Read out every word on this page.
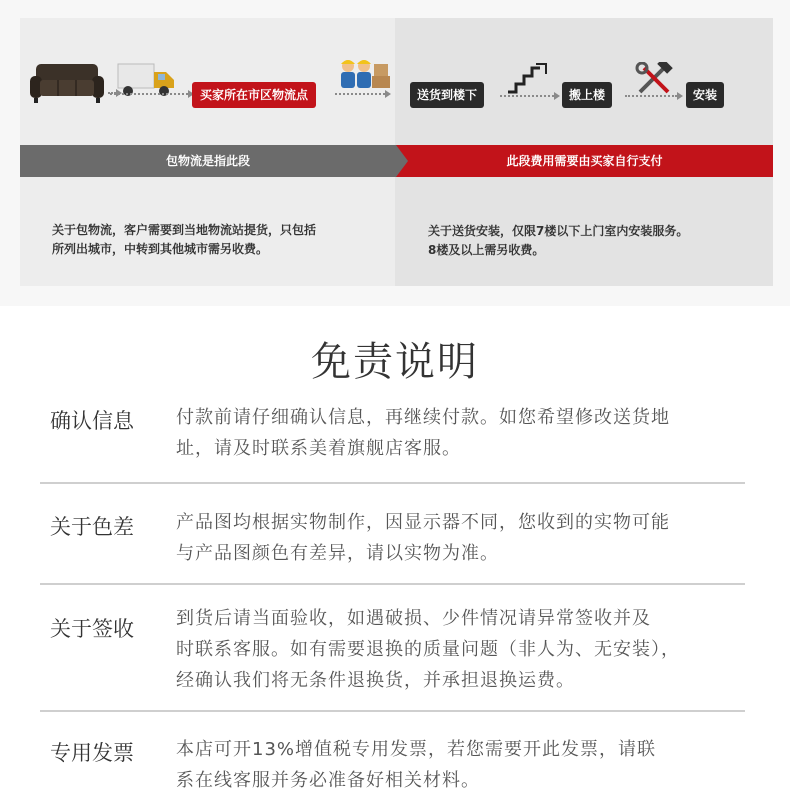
买家所在市区物流点	送货到楼下	搬上楼	安装
包物流是指此段	此段费用需要由买家自行支付
关于包物流，客户需要到当地物流站提货，只包括
所列出城市，中转到其他城市需另收费。
关于送货安装，仅限7楼以下上门室内安装服务。
8楼及以上需另收费。
免责说明
确认信息 付款前请仔细确认信息，再继续付款。如您希望修改送货地
址，请及时联系美着旗舰店客服。
关于色差 产品图均根据实物制作，因显示器不同，您收到的实物可能
与产品图颜色有差异，请以实物为准。
关于签收 到货后请当面验收，如遇破损、少件情况请异常签收并及
时联系客服。如有需要退换的质量问题（非人为、无安装），
经确认我们将无条件退换货，并承担退换运费。
专用发票 本店可开13%增值税专用发票，若您需要开此发票，请联
系在线客服并务必准备好相关材料。
